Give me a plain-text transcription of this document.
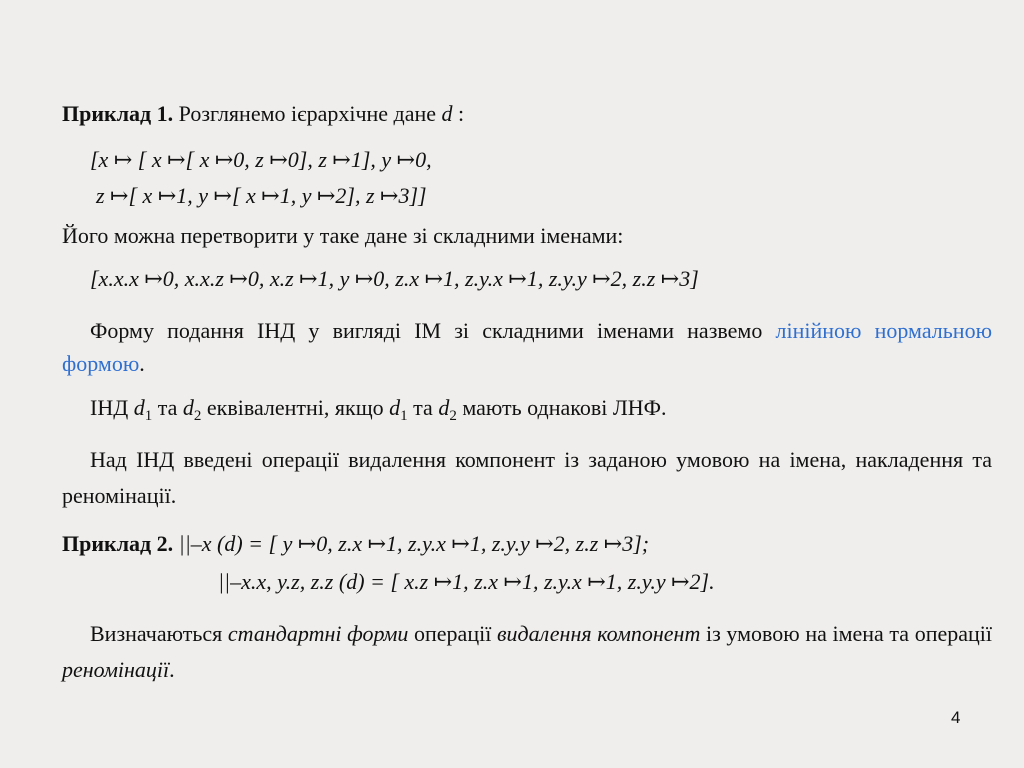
Приклад 1. Розглянемо ієрархічне дане d :
[x ↦ [ x ↦[ x ↦0, z ↦0], z ↦1], y ↦0,
z ↦[ x ↦1, y ↦[ x ↦1, y ↦2], z ↦3]]
Його можна перетворити у таке дане зі складними іменами:
[x.x.x ↦0, x.x.z ↦0, x.z ↦1, y ↦0, z.x ↦1, z.y.x ↦1, z.y.y ↦2, z.z ↦3]
Форму подання ІНД у вигляді ІМ зі складними іменами назвемо лінійною нормальною формою.
ІНД $d_1$ та $d_2$ еквівалентні, якщо $d_1$ та $d_2$ мають однакові ЛНФ.
Над ІНД введені операції видалення компонент із заданою умовою на імена, накладення та реномінації.
Приклад 2. ||–x (d) = [ y ↦0, z.x ↦1, z.y.x ↦1, z.y.y ↦2, z.z ↦3];
||–x.x, y.z, z.z (d) = [ x.z ↦1, z.x ↦1, z.y.x ↦1, z.y.y ↦2].
Визначаються стандартні форми операції видалення компонент із умовою на імена та операції реномінації.
4
